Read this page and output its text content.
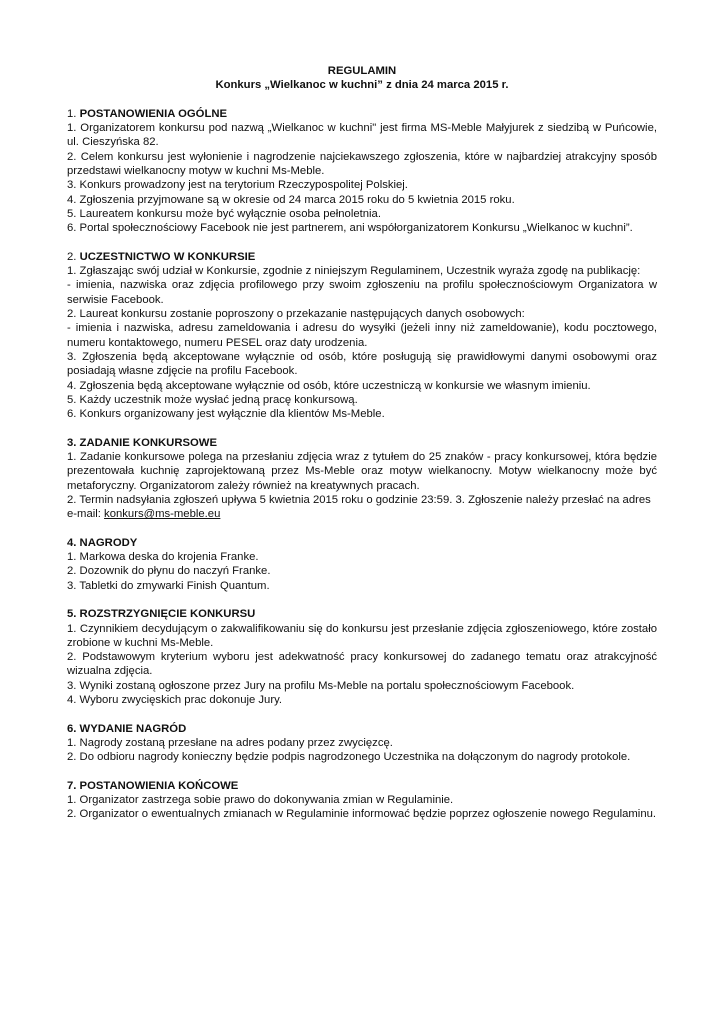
REGULAMIN
Konkurs „Wielkanoc w kuchni” z dnia 24 marca 2015 r.

1. POSTANOWIENIA OGÓLNE

1. Organizatorem konkursu pod nazwą „Wielkanoc w kuchni" jest firma MS-Meble Małyjurek z siedzibą w Puńcowie, ul. Cieszyńska 82.

2. Celem konkursu jest wyłonienie i nagrodzenie najciekawszego zgłoszenia, które w najbardziej atrakcyjny sposób przedstawi wielkanocny motyw w kuchni Ms-Meble.

3. Konkurs prowadzony jest na terytorium Rzeczypospolitej Polskiej.

4. Zgłoszenia przyjmowane są w okresie od 24 marca 2015 roku do 5 kwietnia 2015 roku.

5. Laureatem konkursu może być wyłącznie osoba pełnoletnia.

6. Portal społecznościowy Facebook nie jest partnerem, ani współorganizatorem Konkursu „Wielkanoc w kuchni”.

2. UCZESTNICTWO W KONKURSIE

1. Zgłaszając swój udział w Konkursie, zgodnie z niniejszym Regulaminem, Uczestnik wyraża zgodę na publikację:

- imienia, nazwiska oraz zdjęcia profilowego przy swoim zgłoszeniu na profilu społecznościowym Organizatora w serwisie Facebook.

2. Laureat konkursu zostanie poproszony o przekazanie następujących danych osobowych:

- imienia i nazwiska, adresu zameldowania i adresu do wysyłki (jeżeli inny niż zameldowanie), kodu pocztowego, numeru kontaktowego, numeru PESEL oraz daty urodzenia.

3. Zgłoszenia będą akceptowane wyłącznie od osób, które posługują się prawidłowymi danymi osobowymi oraz posiadają własne zdjęcie na profilu Facebook.

4. Zgłoszenia będą akceptowane wyłącznie od osób, które uczestniczą w konkursie we własnym imieniu.

5. Każdy uczestnik może wysłać jedną pracę konkursową.

6. Konkurs organizowany jest wyłącznie dla klientów Ms-Meble.

3. ZADANIE KONKURSOWE

1. Zadanie konkursowe polega na przesłaniu zdjęcia wraz z tytułem do 25 znaków - pracy konkursowej, która będzie prezentowała kuchnię zaprojektowaną przez Ms-Meble oraz motyw wielkanocny. Motyw wielkanocny może być metaforyczny. Organizatorom zależy również na kreatywnych pracach.

2. Termin nadsyłania zgłoszeń upływa 5 kwietnia 2015 roku o godzinie 23:59. 3. Zgłoszenie należy przesłać na adres e-mail: konkurs@ms-meble.eu

4. NAGRODY

1. Markowa deska do krojenia Franke.

2. Dozownik do płynu do naczyń Franke.

3. Tabletki do zmywarki Finish Quantum.

5. ROZSTRZYGNIĘCIE KONKURSU

1. Czynnikiem decydującym o zakwalifikowaniu się do konkursu jest przesłanie zdjęcia zgłoszeniowego, które zostało zrobione w kuchni Ms-Meble.

2. Podstawowym kryterium wyboru jest adekwatność pracy konkursowej do zadanego tematu oraz atrakcyjność wizualna zdjęcia.

3. Wyniki zostaną ogłoszone przez Jury na profilu Ms-Meble na portalu społecznościowym Facebook.

4. Wyboru zwycięskich prac dokonuje Jury.

6. WYDANIE NAGRÓD

1. Nagrody zostaną przesłane na adres podany przez zwycięzcę.

2. Do odbioru nagrody konieczny będzie podpis nagrodzonego Uczestnika na dołączonym do nagrody protokole.

7. POSTANOWIENIA KOŃCOWE

1. Organizator zastrzega sobie prawo do dokonywania zmian w Regulaminie.

2. Organizator o ewentualnych zmianach w Regulaminie informować będzie poprzez ogłoszenie nowego Regulaminu.
